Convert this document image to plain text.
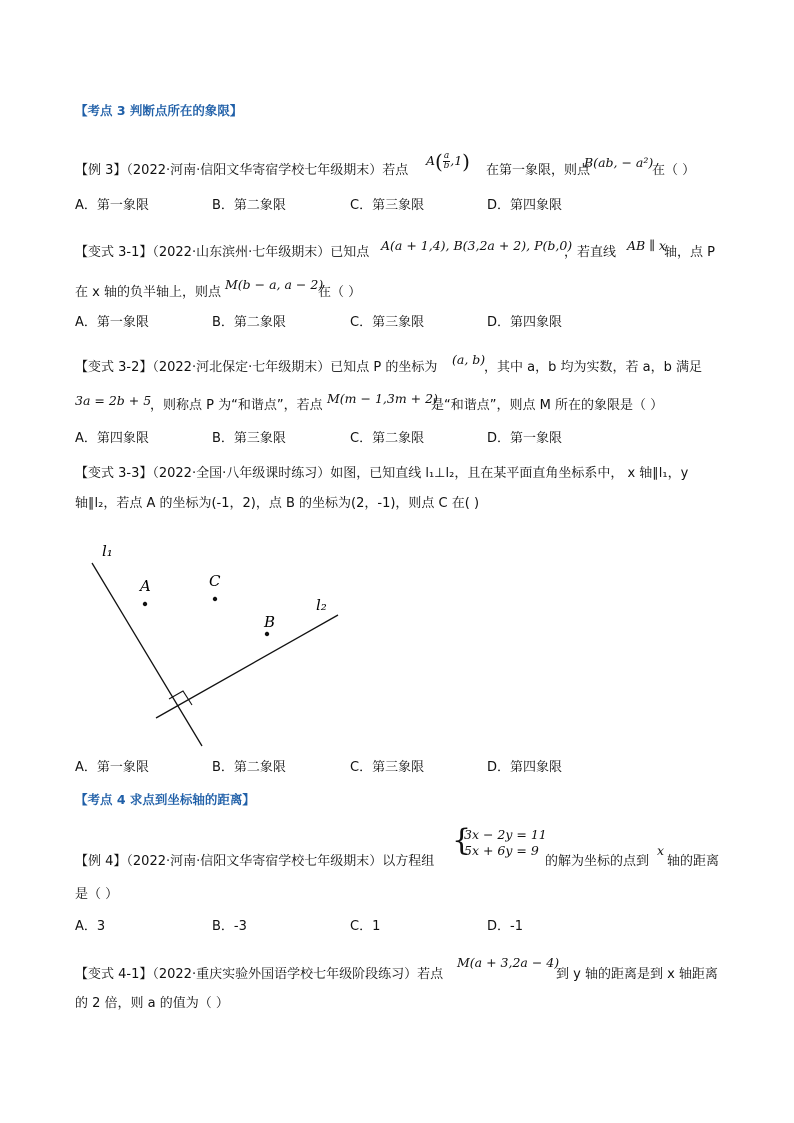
【考点 3 判断点所在的象限】
【例 3】（2022·河南·信阳文华寄宿学校七年级期末）若点
$A( \frac{a}{b} ,1)$ 在第一象限，则点
B(ab, − a²)
在（ ）
A．第一象限	B．第二象限	C．第三象限	D．第四象限
【变式 3-1】（2022·山东滨州·七年级期末）已知点 A(a + 1,4), B(3,2a + 2), P(b,0)
，若直线 AB ∥ x
轴，点 P
在 x 轴的负半轴上，则点
M(b − a, a − 2)
在（ ）
A．第一象限	B．第二象限	C．第三象限	D．第四象限
【变式 3-2】（2022·河北保定·七年级期末）已知点 P 的坐标为
(a, b)
，其中 a，b 均为实数，若 a，b 满足
3a = 2b + 5
，则称点 P 为“和谐点”，若点 M(m − 1,3m + 2)
是“和谐点”，则点 M 所在的象限是（ ）
A．第四象限	B．第三象限	C．第二象限	D．第一象限
【变式 3-3】（2022·全国·八年级课时练习）如图，已知直线 l₁⊥l₂，且在某平面直角坐标系中， x 轴∥l₁，y
轴∥l₂，若点 A 的坐标为(-1，2)，点 B 的坐标为(2，-1)，则点 C 在( )
l₁
l₂
A	C
B
A．第一象限	B．第二象限	C．第三象限	D．第四象限
【考点 4 求点到坐标轴的距离】
【例 4】（2022·河南·信阳文华寄宿学校七年级期末）以方程组
{
3x − 2y = 11
5x + 6y = 9
的解为坐标的点到
x
轴的距离
是（ ）
A．3	B．-3	C．1	D．-1
【变式 4-1】（2022·重庆实验外国语学校七年级阶段练习）若点
M(a + 3,2a − 4)
到 y 轴的距离是到 x 轴距离
的 2 倍，则 a 的值为（ ）
